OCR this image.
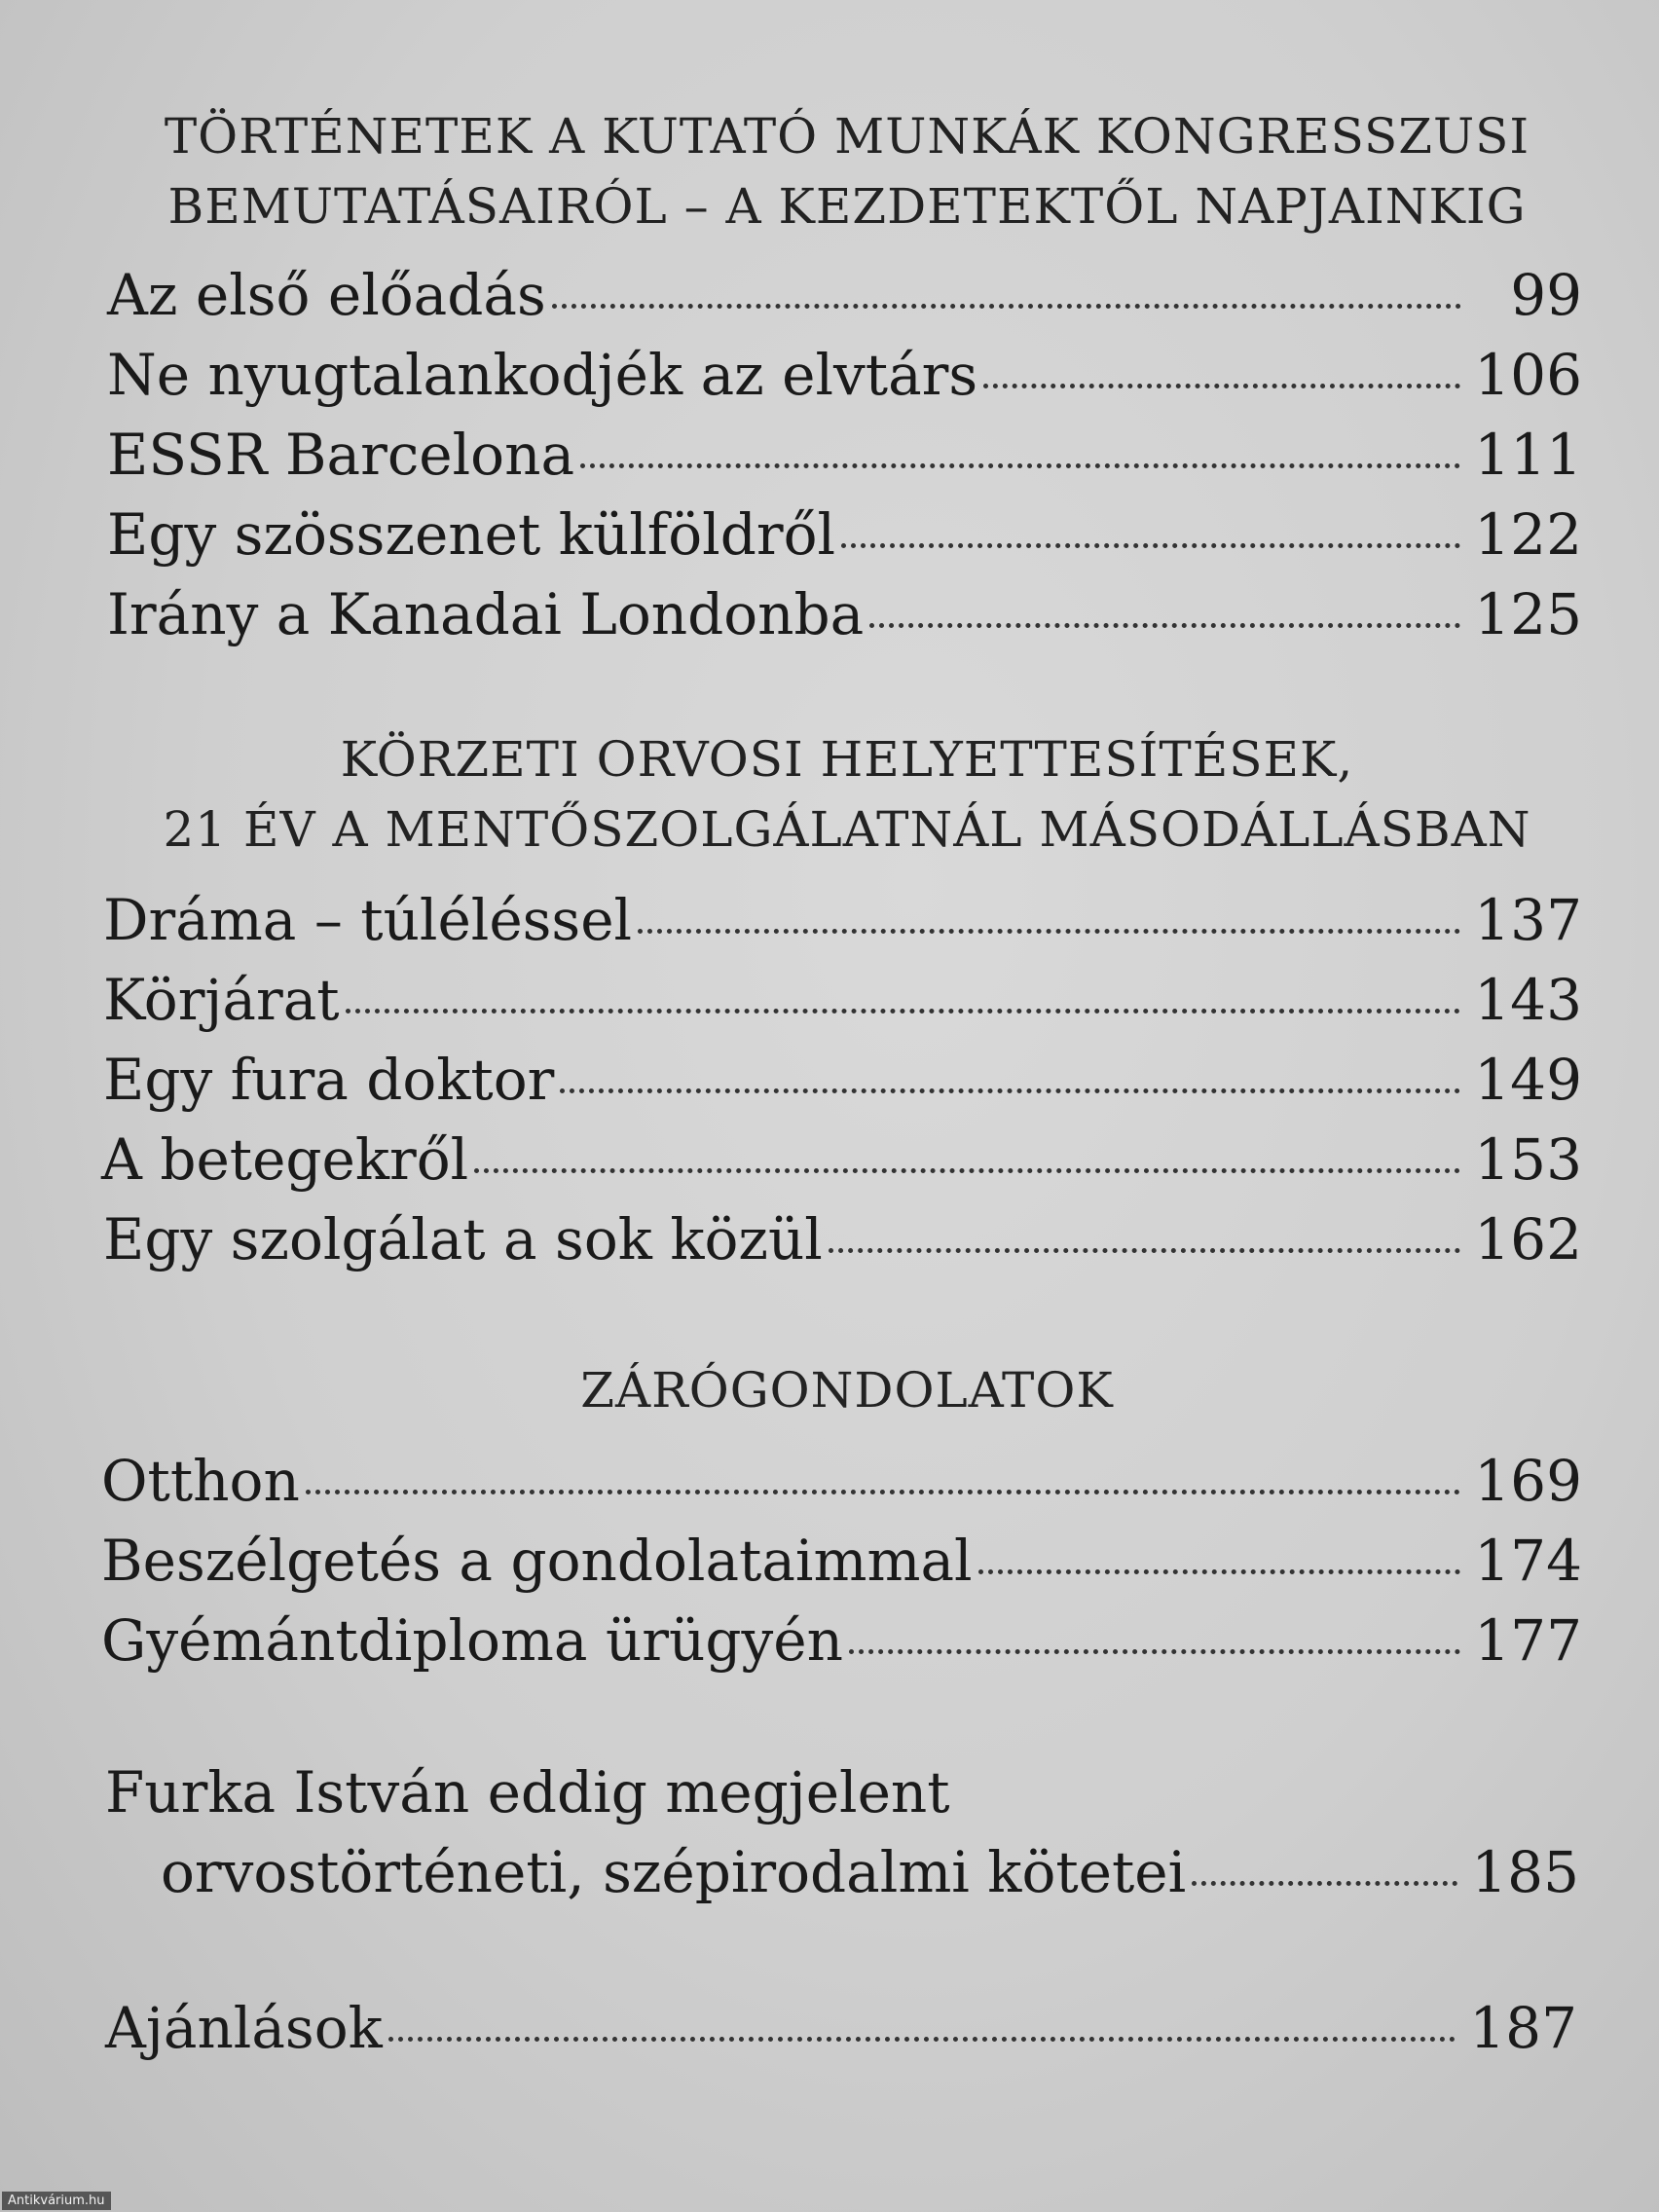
TÖRTÉNETEK A KUTATÓ MUNKÁK KONGRESSZUSI
BEMUTATÁSAIRÓL – A KEZDETEKTŐL NAPJAINKIG
Az első előadás	99
Ne nyugtalankodjék az elvtárs	106
ESSR Barcelona	111
Egy szösszenet külföldről	122
Irány a Kanadai Londonba	125
KÖRZETI ORVOSI HELYETTESÍTÉSEK,
21 ÉV A MENTŐSZOLGÁLATNÁL MÁSODÁLLÁSBAN
Dráma – túléléssel	137
Körjárat	143
Egy fura doktor	149
A betegekről	153
Egy szolgálat a sok közül	162
ZÁRÓGONDOLATOK
Otthon	169
Beszélgetés a gondolataimmal	174
Gyémántdiploma ürügyén	177
Furka István eddig megjelent
orvostörténeti, szépirodalmi kötetei	185
Ajánlások	187
Antikvárium.hu
